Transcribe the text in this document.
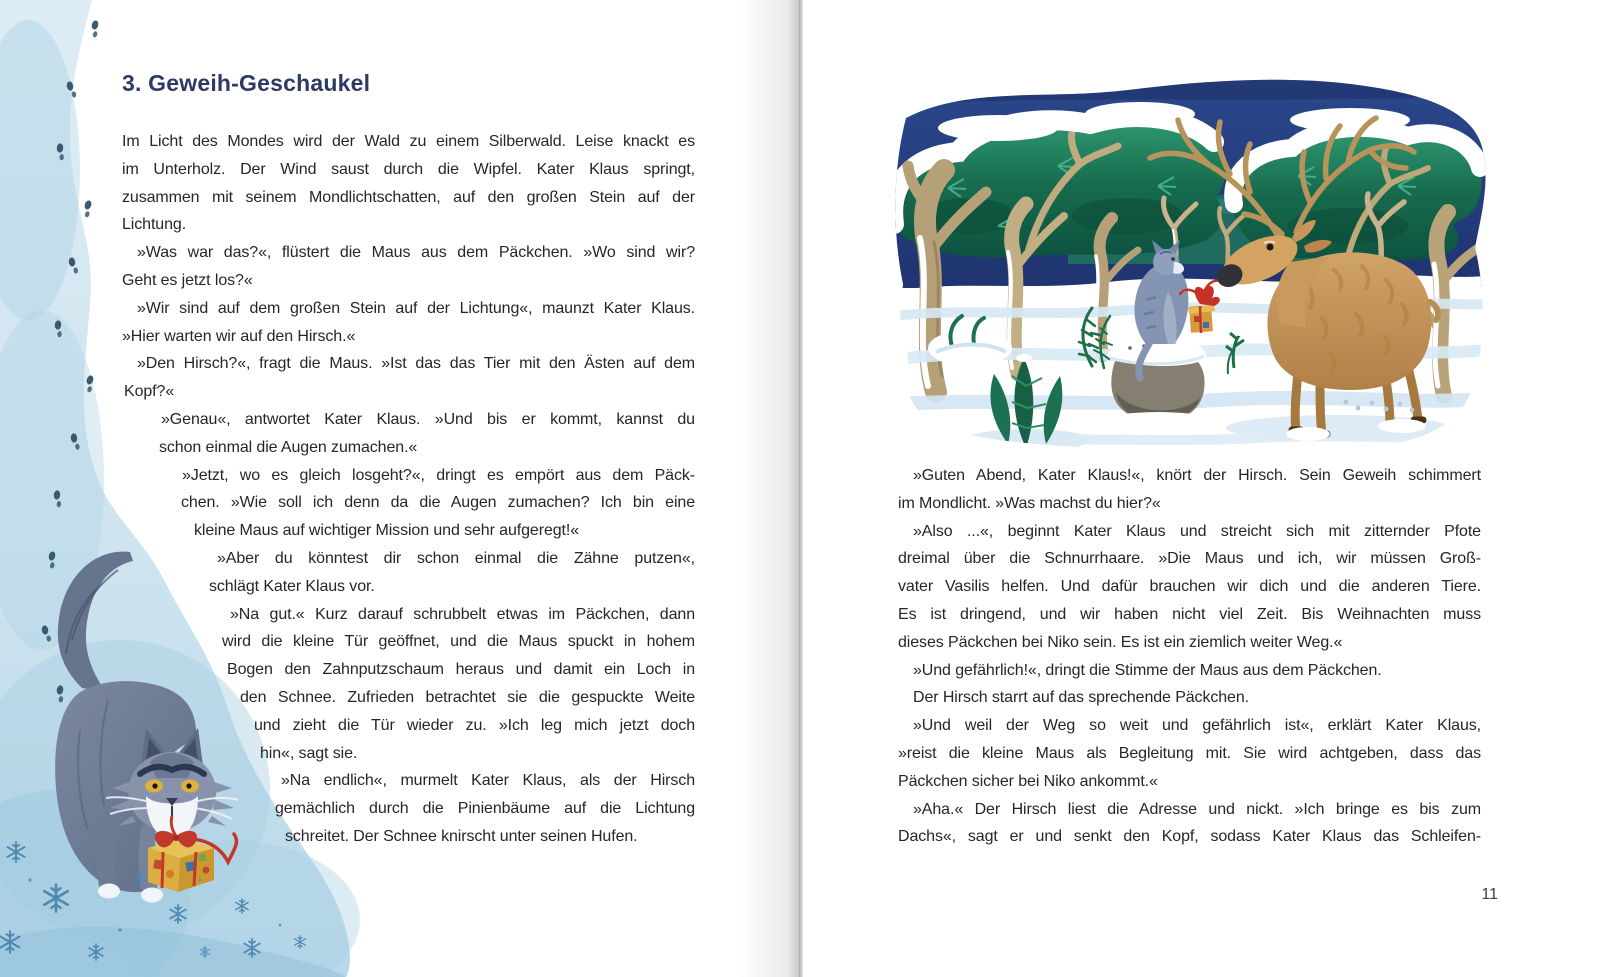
3. Geweih-Geschaukel
Im Licht des Mondes wird der Wald zu einem Silberwald. Leise knackt es
im Unterholz. Der Wind saust durch die Wipfel. Kater Klaus springt,
zusammen mit seinem Mondlichtschatten, auf den großen Stein auf der
Lichtung.
»Was war das?«, flüstert die Maus aus dem Päckchen. »Wo sind wir?
Geht es jetzt los?«
»Wir sind auf dem großen Stein auf der Lichtung«, maunzt Kater Klaus.
»Hier warten wir auf den Hirsch.«
»Den Hirsch?«, fragt die Maus. »Ist das das Tier mit den Ästen auf dem
Kopf?«
»Genau«, antwortet Kater Klaus. »Und bis er kommt, kannst du
schon einmal die Augen zumachen.«
»Jetzt, wo es gleich losgeht?«, dringt es empört aus dem Päck-
chen. »Wie soll ich denn da die Augen zumachen? Ich bin eine
kleine Maus auf wichtiger Mission und sehr aufgeregt!«
»Aber du könntest dir schon einmal die Zähne putzen«,
schlägt Kater Klaus vor.
»Na gut.« Kurz darauf schrubbelt etwas im Päckchen, dann
wird die kleine Tür geöffnet, und die Maus spuckt in hohem
Bogen den Zahnputzschaum heraus und damit ein Loch in
den Schnee. Zufrieden betrachtet sie die gespuckte Weite
und zieht die Tür wieder zu. »Ich leg mich jetzt doch
hin«, sagt sie.
»Na endlich«, murmelt Kater Klaus, als der Hirsch
gemächlich durch die Pinienbäume auf die Lichtung
schreitet. Der Schnee knirscht unter seinen Hufen.
»Guten Abend, Kater Klaus!«, knört der Hirsch. Sein Geweih schimmert
im Mondlicht. »Was machst du hier?«
»Also ...«, beginnt Kater Klaus und streicht sich mit zitternder Pfote
dreimal über die Schnurrhaare. »Die Maus und ich, wir müssen Groß-
vater Vasilis helfen. Und dafür brauchen wir dich und die anderen Tiere.
Es ist dringend, und wir haben nicht viel Zeit. Bis Weihnachten muss
dieses Päckchen bei Niko sein. Es ist ein ziemlich weiter Weg.«
»Und gefährlich!«, dringt die Stimme der Maus aus dem Päckchen.
Der Hirsch starrt auf das sprechende Päckchen.
»Und weil der Weg so weit und gefährlich ist«, erklärt Kater Klaus,
»reist die kleine Maus als Begleitung mit. Sie wird achtgeben, dass das
Päckchen sicher bei Niko ankommt.«
»Aha.« Der Hirsch liest die Adresse und nickt. »Ich bringe es bis zum
Dachs«, sagt er und senkt den Kopf, sodass Kater Klaus das Schleifen-
11
